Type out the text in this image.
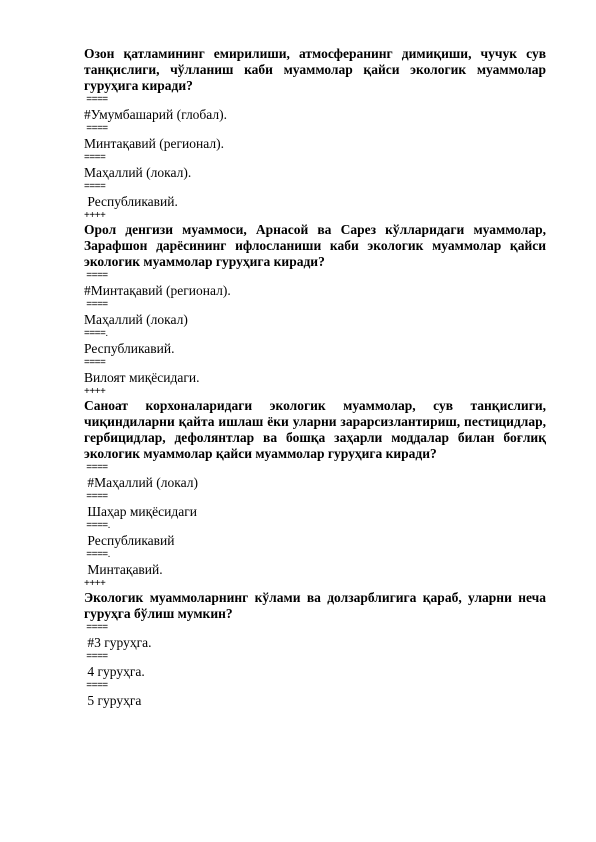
Озон қатламининг емирилиши, атмосферанинг димиқиши, чучук сув танқислиги, чўлланиш каби муаммолар қайси экологик муаммолар гуруҳига киради?

====
#Умумбашарий (глобал).
====
Минтақавий (регионал).
====
Маҳаллий (локал).
====
Республикавий.
++++

Орол денгизи муаммоси, Арнасой ва Сарез кўлларидаги муаммолар, Зарафшон дарёсининг ифлосланиши каби экологик муаммолар қайси экологик муаммолар гуруҳига киради?

====
#Минтақавий (регионал).
====
Маҳаллий (локал)
====.
Республикавий.
====
Вилоят миқёсидаги.
++++

Саноат корхоналаридаги экологик муаммолар, сув танқислиги, чиқиндиларни қайта ишлаш ёки уларни зарарсизлантириш, пестицидлар, гербицидлар, дефолянтлар ва бошқа заҳарли моддалар билан боғлиқ экологик муаммолар қайси муаммолар гуруҳига киради?

====
#Маҳаллий (локал)
====
Шаҳар миқёсидаги
====.
Республикавий
====.
Минтақавий.
++++

Экологик муаммоларнинг кўлами ва долзарблигига қараб, уларни неча гуруҳга бўлиш мумкин?

====
#3 гуруҳга.
====
4 гуруҳга.
====
5 гуруҳга
